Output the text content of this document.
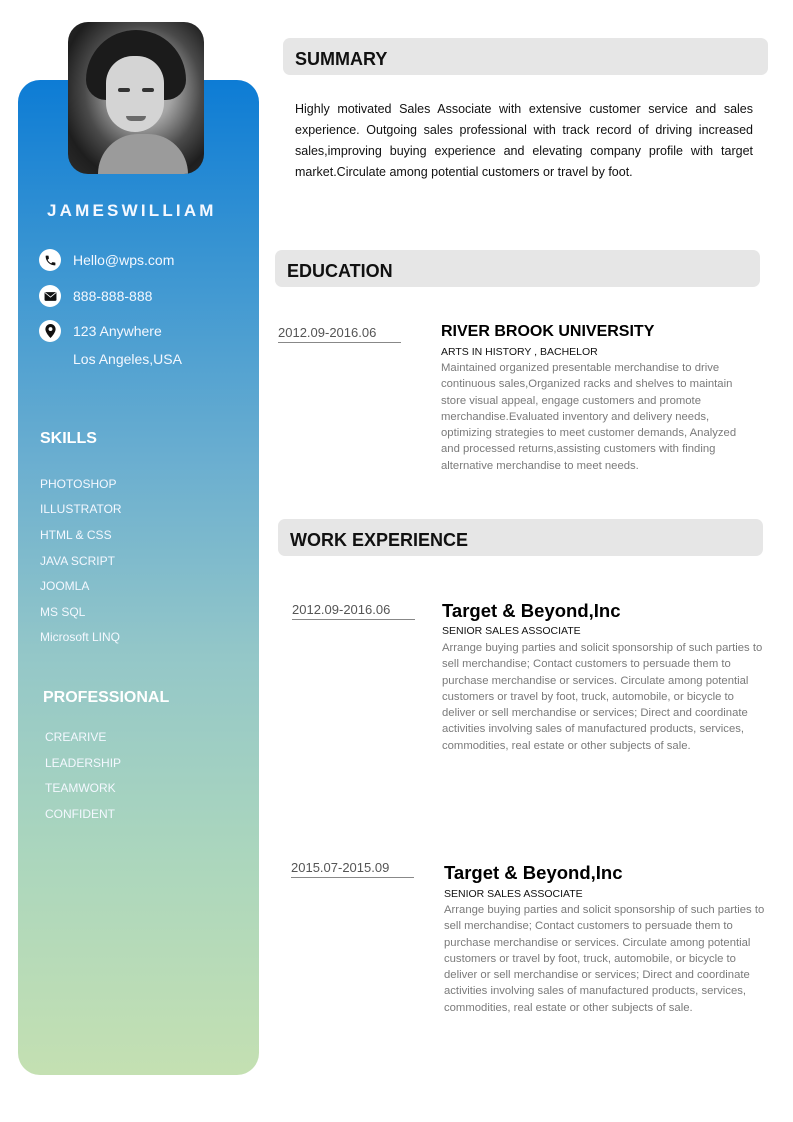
JAMESWILLIAM
Hello@wps.com
888-888-888
123 Anywhere
Los Angeles,USA
SKILLS
PHOTOSHOP
ILLUSTRATOR
HTML & CSS
JAVA SCRIPT
JOOMLA
MS SQL
Microsoft LINQ
PROFESSIONAL
CREARIVE
LEADERSHIP
TEAMWORK
CONFIDENT
SUMMARY
Highly motivated Sales Associate with extensive customer service and sales experience. Outgoing sales professional with track record of driving increased sales,improving buying experience and elevating company profile with target market.Circulate among potential customers or travel by foot.
EDUCATION
2012.09-2016.06	RIVER BROOK UNIVERSITY
ARTS IN HISTORY , BACHELOR
Maintained organized presentable merchandise to drive continuous sales,Organized racks and shelves to maintain store visual appeal, engage customers and promote merchandise.Evaluated inventory and delivery needs, optimizing strategies to meet customer demands, Analyzed and processed returns,assisting customers with finding alternative merchandise to meet needs.
WORK EXPERIENCE
2012.09-2016.06	Target & Beyond,Inc
SENIOR SALES ASSOCIATE
Arrange buying parties and solicit sponsorship of such parties to sell merchandise; Contact customers to persuade them to purchase merchandise or services. Circulate among potential customers or travel by foot, truck, automobile, or bicycle to deliver or sell merchandise or services; Direct and coordinate activities involving sales of manufactured products, services, commodities, real estate or other subjects of sale.
2015.07-2015.09	Target & Beyond,Inc
SENIOR SALES ASSOCIATE
Arrange buying parties and solicit sponsorship of such parties to sell merchandise; Contact customers to persuade them to purchase merchandise or services. Circulate among potential customers or travel by foot, truck, automobile, or bicycle to deliver or sell merchandise or services; Direct and coordinate activities involving sales of manufactured products, services, commodities, real estate or other subjects of sale.
